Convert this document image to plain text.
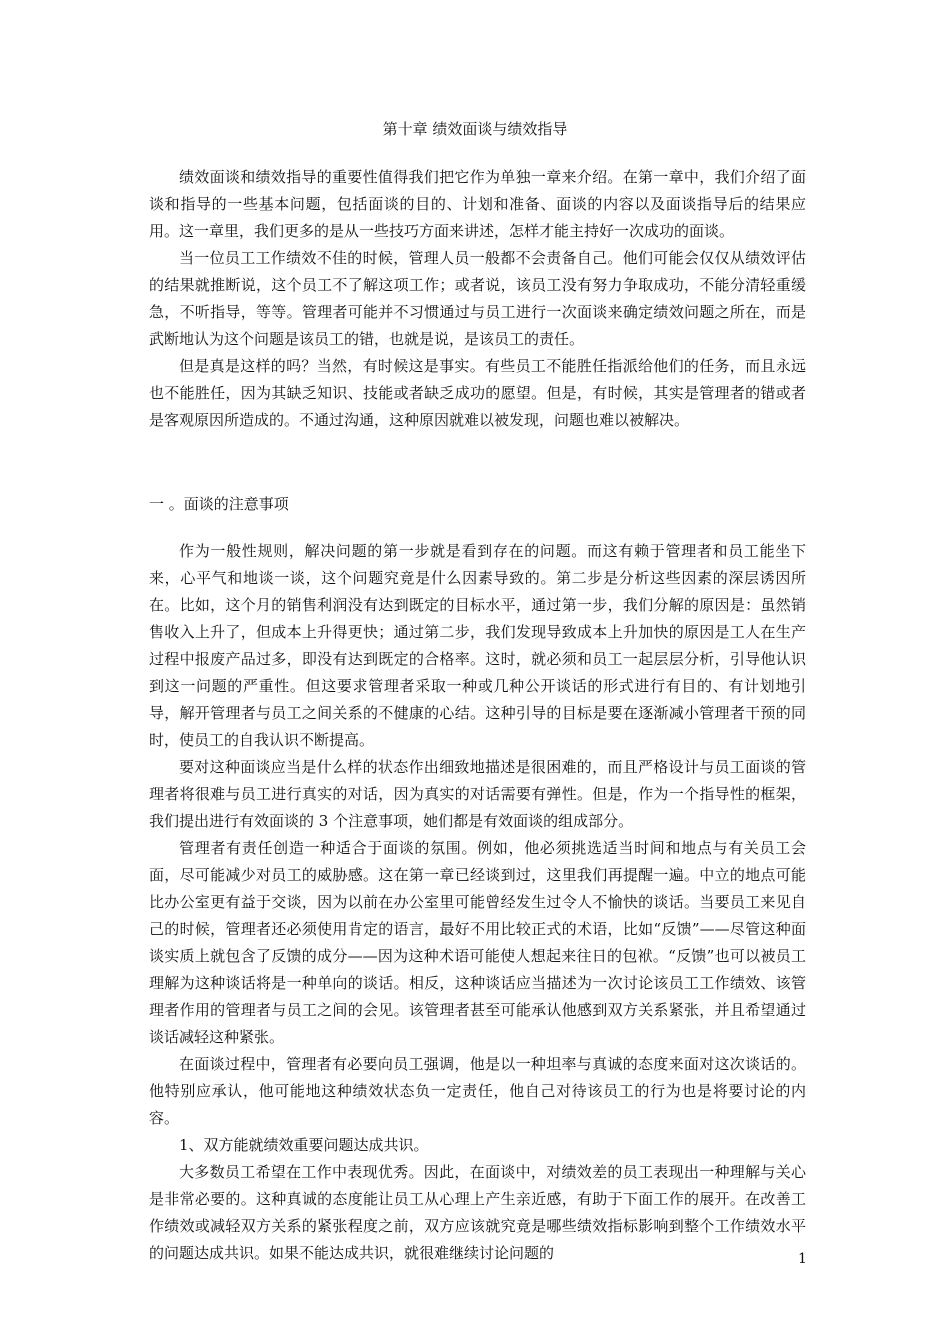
第十章 绩效面谈与绩效指导

绩效面谈和绩效指导的重要性值得我们把它作为单独一章来介绍。在第一章中，我们介绍了面谈和指导的一些基本问题，包括面谈的目的、计划和准备、面谈的内容以及面谈指导后的结果应用。这一章里，我们更多的是从一些技巧方面来讲述，怎样才能主持好一次成功的面谈。

当一位员工工作绩效不佳的时候，管理人员一般都不会责备自己。他们可能会仅仅从绩效评估的结果就推断说，这个员工不了解这项工作；或者说，该员工没有努力争取成功，不能分清轻重缓急，不听指导，等等。管理者可能并不习惯通过与员工进行一次面谈来确定绩效问题之所在，而是武断地认为这个问题是该员工的错，也就是说，是该员工的责任。

但是真是这样的吗？当然，有时候这是事实。有些员工不能胜任指派给他们的任务，而且永远也不能胜任，因为其缺乏知识、技能或者缺乏成功的愿望。但是，有时候，其实是管理者的错或者是客观原因所造成的。不通过沟通，这种原因就难以被发现，问题也难以被解决。

一 。面谈的注意事项

作为一般性规则，解决问题的第一步就是看到存在的问题。而这有赖于管理者和员工能坐下来，心平气和地谈一谈，这个问题究竟是什么因素导致的。第二步是分析这些因素的深层诱因所在。比如，这个月的销售利润没有达到既定的目标水平，通过第一步，我们分解的原因是：虽然销售收入上升了，但成本上升得更快；通过第二步，我们发现导致成本上升加快的原因是工人在生产过程中报废产品过多，即没有达到既定的合格率。这时，就必须和员工一起层层分析，引导他认识到这一问题的严重性。但这要求管理者采取一种或几种公开谈话的形式进行有目的、有计划地引导，解开管理者与员工之间关系的不健康的心结。这种引导的目标是要在逐渐减小管理者干预的同时，使员工的自我认识不断提高。

要对这种面谈应当是什么样的状态作出细致地描述是很困难的，而且严格设计与员工面谈的管理者将很难与员工进行真实的对话，因为真实的对话需要有弹性。但是，作为一个指导性的框架，我们提出进行有效面谈的 3 个注意事项，她们都是有效面谈的组成部分。

管理者有责任创造一种适合于面谈的氛围。例如，他必须挑选适当时间和地点与有关员工会面，尽可能减少对员工的威胁感。这在第一章已经谈到过，这里我们再提醒一遍。中立的地点可能比办公室更有益于交谈，因为以前在办公室里可能曾经发生过令人不愉快的谈话。当要员工来见自己的时候，管理者还必须使用肯定的语言，最好不用比较正式的术语，比如“反馈”——尽管这种面谈实质上就包含了反馈的成分——因为这种术语可能使人想起来往日的包袱。“反馈”也可以被员工理解为这种谈话将是一种单向的谈话。相反，这种谈话应当描述为一次讨论该员工工作绩效、该管理者作用的管理者与员工之间的会见。该管理者甚至可能承认他感到双方关系紧张，并且希望通过谈话减轻这种紧张。

在面谈过程中，管理者有必要向员工强调，他是以一种坦率与真诚的态度来面对这次谈话的。他特别应承认，他可能地这种绩效状态负一定责任，他自己对待该员工的行为也是将要讨论的内容。

1、双方能就绩效重要问题达成共识。

大多数员工希望在工作中表现优秀。因此，在面谈中，对绩效差的员工表现出一种理解与关心是非常必要的。这种真诚的态度能让员工从心理上产生亲近感，有助于下面工作的展开。在改善工作绩效或减轻双方关系的紧张程度之前，双方应该就究竟是哪些绩效指标影响到整个工作绩效水平的问题达成共识。如果不能达成共识，就很难继续讨论问题的	1
